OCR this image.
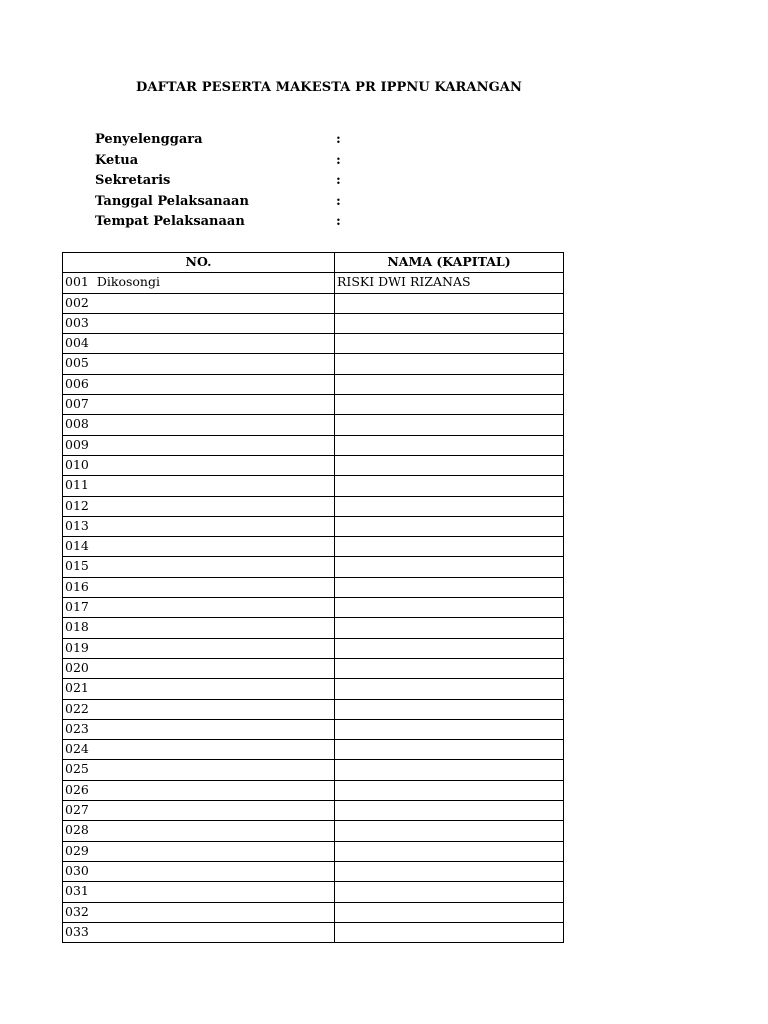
DAFTAR PESERTA MAKESTA PR IPPNU KARANGAN
Penyelenggara	:
Ketua	:
Sekretaris	:
Tanggal Pelaksanaan	:
Tempat Pelaksanaan	:
NO.	NAMA (KAPITAL)
001 Dikosongi	RISKI DWI RIZANAS
002	
003	
004	
005	
006	
007	
008	
009	
010	
011	
012	
013	
014	
015	
016	
017	
018	
019	
020	
021	
022	
023	
024	
025	
026	
027	
028	
029	
030	
031	
032	
033	
